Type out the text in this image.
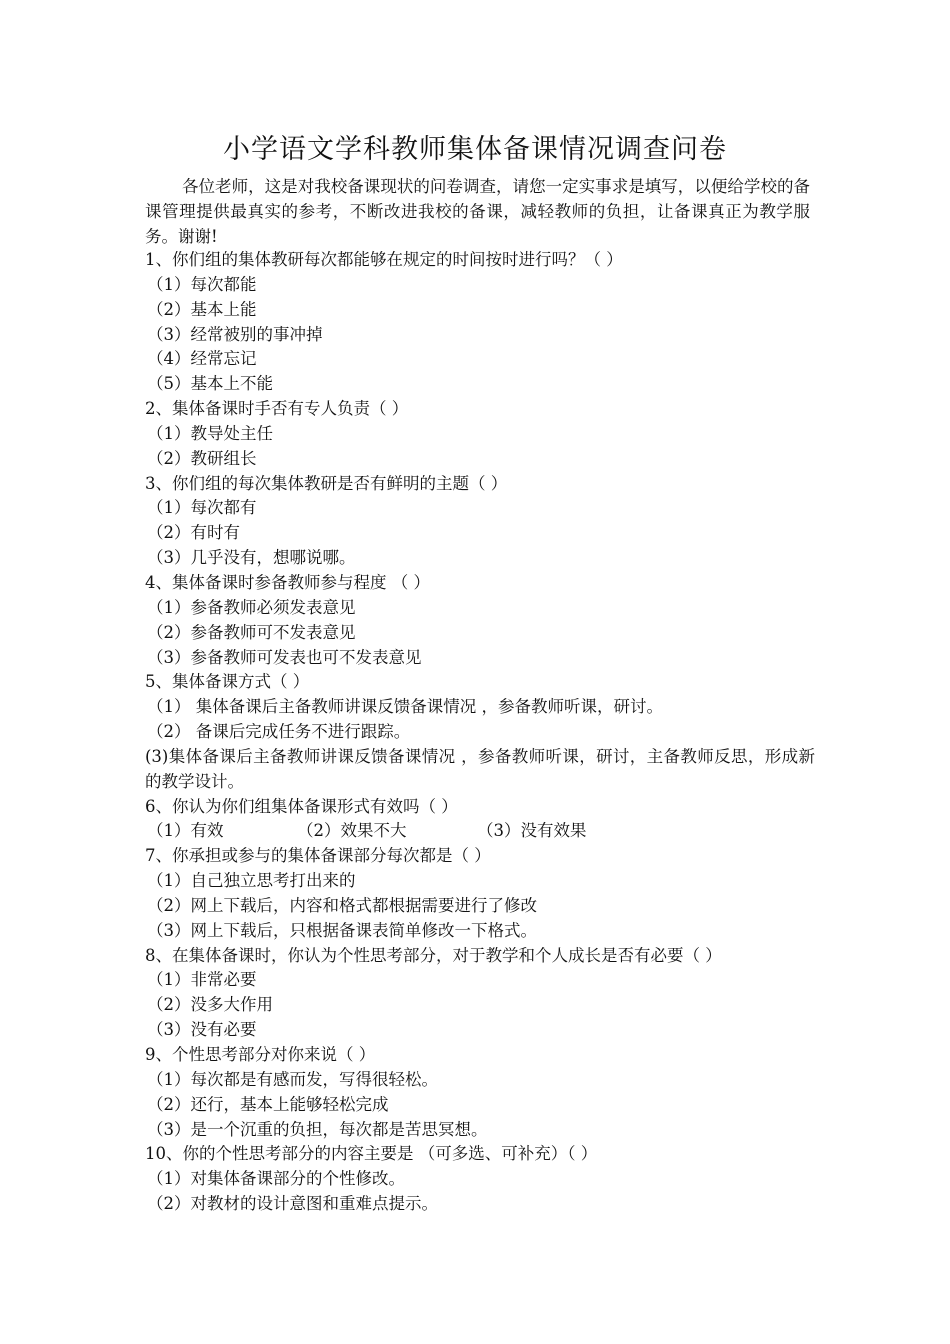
小学语文学科教师集体备课情况调查问卷
各位老师，这是对我校备课现状的问卷调查，请您一定实事求是填写，以便给学校的备课管理提供最真实的参考，不断改进我校的备课，减轻教师的负担，让备课真正为教学服务。谢谢!
1、你们组的集体教研每次都能够在规定的时间按时进行吗？（ ）
（1）每次都能
（2）基本上能
（3）经常被别的事冲掉
（4）经常忘记
（5）基本上不能
2、集体备课时手否有专人负责（ ）
（1）教导处主任
（2）教研组长
3、你们组的每次集体教研是否有鲜明的主题（ ）
（1）每次都有
（2）有时有
（3）几乎没有，想哪说哪。
4、集体备课时参备教师参与程度 （ ）
（1）参备教师必须发表意见
（2）参备教师可不发表意见
（3）参备教师可发表也可不发表意见
5、集体备课方式（ ）
（1） 集体备课后主备教师讲课反馈备课情况 ，参备教师听课，研讨。
（2） 备课后完成任务不进行跟踪。
(3)集体备课后主备教师讲课反馈备课情况 ，参备教师听课，研讨，主备教师反思，形成新的教学设计。
6、你认为你们组集体备课形式有效吗（ ）
（1）有效	（2）效果不大	（3）没有效果
7、你承担或参与的集体备课部分每次都是（ ）
（1）自己独立思考打出来的
（2）网上下载后，内容和格式都根据需要进行了修改
（3）网上下载后，只根据备课表简单修改一下格式。
8、在集体备课时，你认为个性思考部分，对于教学和个人成长是否有必要（ ）
（1）非常必要
（2）没多大作用
（3）没有必要
9、个性思考部分对你来说（ ）
（1）每次都是有感而发，写得很轻松。
（2）还行，基本上能够轻松完成
（3）是一个沉重的负担，每次都是苦思冥想。
10、你的个性思考部分的内容主要是 （可多选、可补充）（ ）
（1）对集体备课部分的个性修改。
（2）对教材的设计意图和重难点提示。
